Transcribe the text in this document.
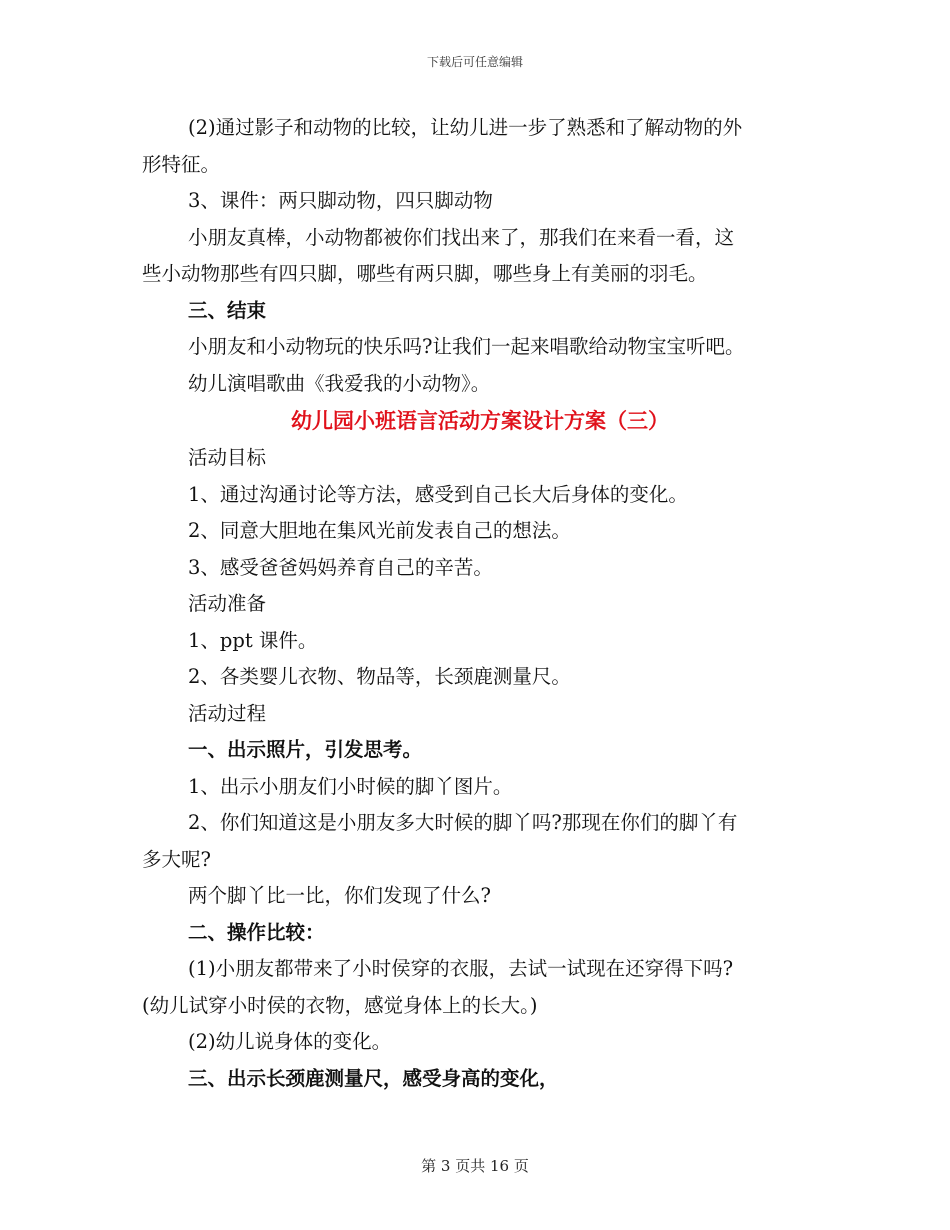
下载后可任意编辑
(2)通过影子和动物的比较，让幼儿进一步了熟悉和了解动物的外
形特征。
3、课件：两只脚动物，四只脚动物
小朋友真棒，小动物都被你们找出来了，那我们在来看一看，这
些小动物那些有四只脚，哪些有两只脚，哪些身上有美丽的羽毛。
三、结束
小朋友和小动物玩的快乐吗?让我们一起来唱歌给动物宝宝听吧。
幼儿演唱歌曲《我爱我的小动物》。
幼儿园小班语言活动方案设计方案（三）
活动目标
1、通过沟通讨论等方法，感受到自己长大后身体的变化。
2、同意大胆地在集风光前发表自己的想法。
3、感受爸爸妈妈养育自己的辛苦。
活动准备
1、ppt 课件。
2、各类婴儿衣物、物品等，长颈鹿测量尺。
活动过程
一、出示照片，引发思考。
1、出示小朋友们小时候的脚丫图片。
2、你们知道这是小朋友多大时候的脚丫吗?那现在你们的脚丫有
多大呢?
两个脚丫比一比，你们发现了什么?
二、操作比较：
(1)小朋友都带来了小时侯穿的衣服，去试一试现在还穿得下吗?
(幼儿试穿小时侯的衣物，感觉身体上的长大。)
(2)幼儿说身体的变化。
三、出示长颈鹿测量尺，感受身高的变化，
第 3 页共 16 页
